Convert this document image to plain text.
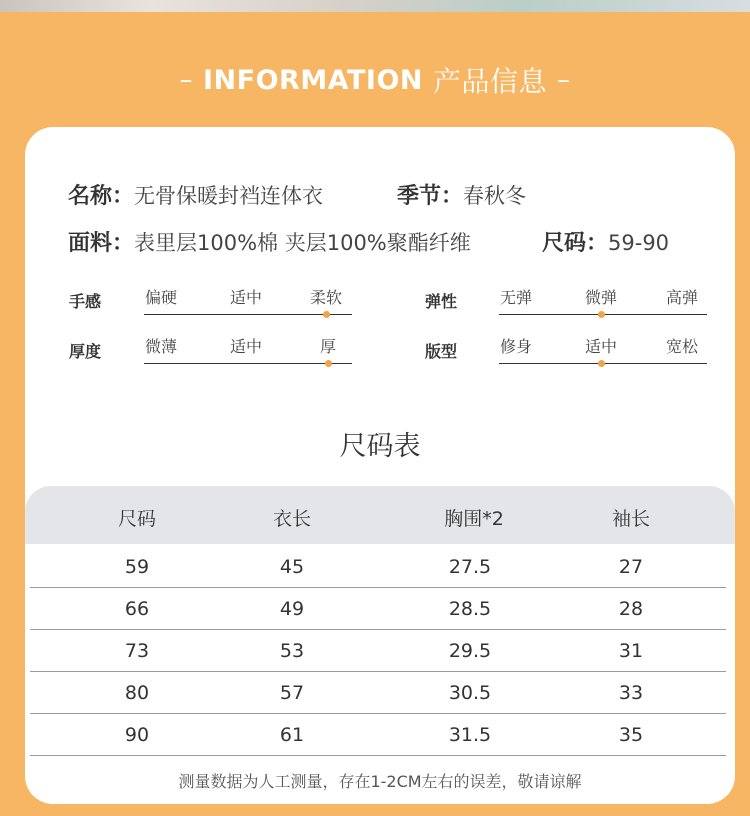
– INFORMATION 产品信息 –
名称： 无骨保暖封裆连体衣	季节： 春秋冬
面料： 表里层100%棉 夹层100%聚酯纤维	尺码： 59-90
手感	偏硬	适中	柔软	弹性	无弹	微弹	高弹
厚度	微薄	适中	厚	版型	修身	适中	宽松
尺码表
尺码	衣长	胸围*2	袖长
59	45	27.5	27
66	49	28.5	28
73	53	29.5	31
80	57	30.5	33
90	61	31.5	35
测量数据为人工测量，存在1-2CM左右的误差，敬请谅解
